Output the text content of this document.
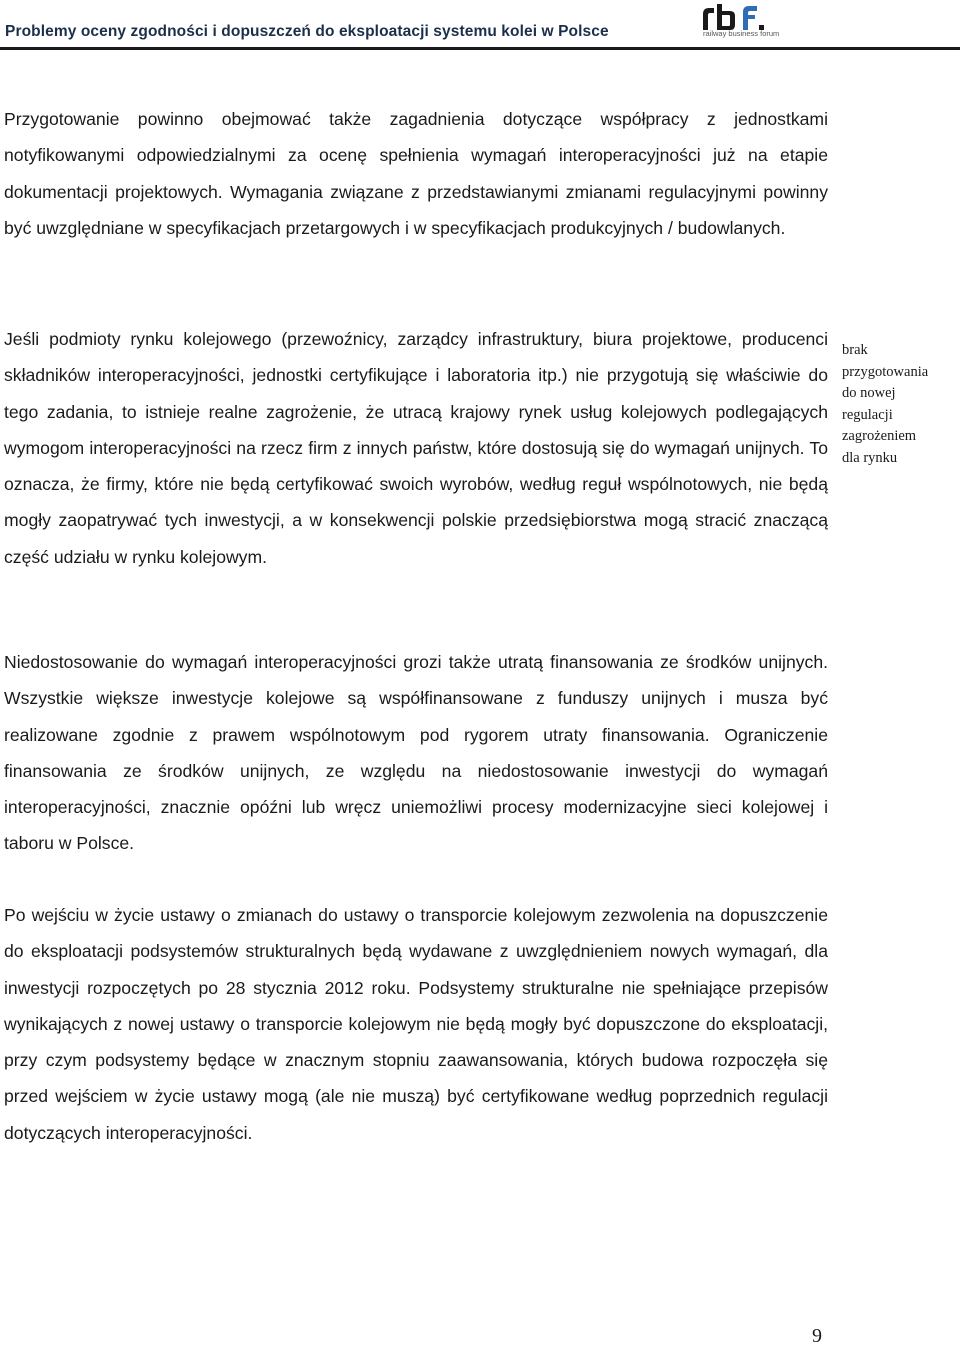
Problemy oceny zgodności i dopuszczeń do eksploatacji systemu kolei w Polsce	railway business forum

Przygotowanie powinno obejmować także zagadnienia dotyczące współpracy z jednostkami notyfikowanymi odpowiedzialnymi za ocenę spełnienia wymagań interoperacyjności już na etapie dokumentacji projektowych. Wymagania związane z przedstawianymi zmianami regulacyjnymi powinny być uwzględniane w specyfikacjach przetargowych i w specyfikacjach produkcyjnych / budowlanych.

Jeśli podmioty rynku kolejowego (przewoźnicy, zarządcy infrastruktury, biura projektowe, producenci składników interoperacyjności, jednostki certyfikujące i laboratoria itp.) nie przygotują się właściwie do tego zadania, to istnieje realne zagrożenie, że utracą krajowy rynek usług kolejowych podlegających wymogom interoperacyjności na rzecz firm z innych państw, które dostosują się do wymagań unijnych. To oznacza, że firmy, które nie będą certyfikować swoich wyrobów, według reguł wspólnotowych, nie będą mogły zaopatrywać tych inwestycji, a w konsekwencji polskie przedsiębiorstwa mogą stracić znaczącą część udziału w rynku kolejowym.

Niedostosowanie do wymagań interoperacyjności grozi także utratą finansowania ze środków unijnych. Wszystkie większe inwestycje kolejowe są współfinansowane z funduszy unijnych i musza być realizowane zgodnie z prawem wspólnotowym pod rygorem utraty finansowania. Ograniczenie finansowania ze środków unijnych, ze względu na niedostosowanie inwestycji do wymagań interoperacyjności, znacznie opóźni lub wręcz uniemożliwi procesy modernizacyjne sieci kolejowej i taboru w Polsce.

Po wejściu w życie ustawy o zmianach do ustawy o transporcie kolejowym zezwolenia na dopuszczenie do eksploatacji podsystemów strukturalnych będą wydawane z uwzględnieniem nowych wymagań, dla inwestycji rozpoczętych po 28 stycznia 2012 roku. Podsystemy strukturalne nie spełniające przepisów wynikających z nowej ustawy o transporcie kolejowym nie będą mogły być dopuszczone do eksploatacji, przy czym podsystemy będące w znacznym stopniu zaawansowania, których budowa rozpoczęła się przed wejściem w życie ustawy mogą (ale nie muszą) być certyfikowane według poprzednich regulacji dotyczących interoperacyjności.

brak
przygotowania
do nowej
regulacji
zagrożeniem
dla rynku
9
